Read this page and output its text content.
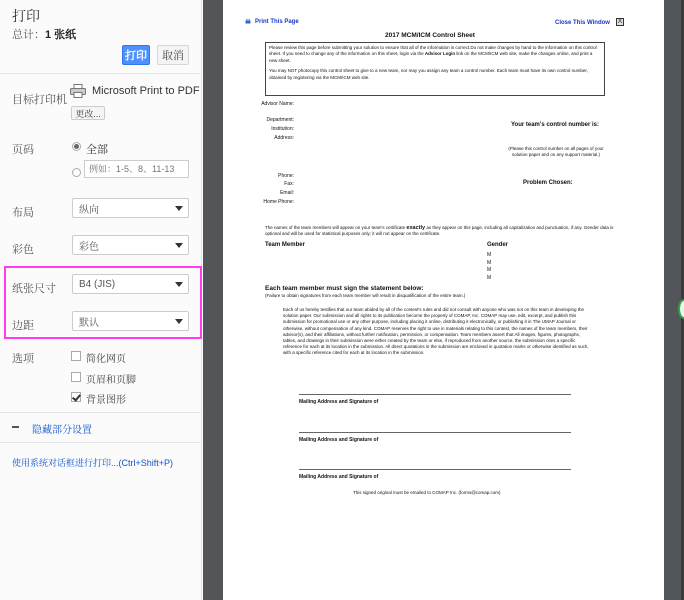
打印
总计：1 张纸
打印	取消
目标打印机
Microsoft Print to PDF
更改...
页码	全部
例如：1-5、8、11-13
布局	纵向
彩色	彩色
纸张尺寸 B4 (JIS)
边距	默认
选项	简化网页
页眉和页脚
背景图形
隐藏部分设置
使用系统对话框进行打印...(Ctrl+Shift+P)
Print This Page	Close This Window X
2017 MCM/ICM Control Sheet

Please review this page before submitting your solution to ensure that all of the information is correct.Do not make changes by hand to the information on this control sheet. If you need to change any of the information on this sheet, login via the Advisor Login link on the MCM/ICM web site, make the changes online, and print a new sheet.

You may NOT photocopy this control sheet to give to a new team, nor may you assign any team a control number. Each team must have its own control number, obtained by registering via the MCM/ICM web site.

Advisor Name:
Department:
Institution:
Address:
Your team's control number is:
(Please this control number on all pages of your solution paper and on any support material.)
Phone:
Fax:
Email:
Home Phone:
Problem Chosen:
The names of the team members will appear on your team's certificate exactly as they appear on this page, including all capitalization and punctuation, if any. Gender data is optional and will be used for statistical purposes only; it will not appear on the certificate.
Team Member	Gender
M
M
M
M
Each team member must sign the statement below:
(Failure to obtain signatures from each team member will result in disqualification of the entire team.)
Each of us hereby testifies that our team abided by all of the contest's rules and did not consult with anyone who was not on this team in developing the solution paper. Our submission and all rights to its publication become the property of COMAP, Inc. COMAP may use, edit, excerpt, and publish this submission for promotional use or any other purpose, including placing it online, distributing it electronically, or publishing it in The UMAP Journal or otherwise, without compensation of any kind. COMAP reserves the right to use in materials relating to this contest, the names of the team members, their advisor(s), and their affiliations, without further notification, permission, or compensation. Team members assert that All images, figures, photographs, tables, and drawings in their submission were either created by the team or else, if reproduced from another source, the submission cites a specific reference for each at its location in the submission. All direct quotations in the submission are enclosed in quotation marks or otherwise identified as such, with a specific reference cited for each at its location in the submission.
Mailing Address and Signature of
Mailing Address and Signature of
Mailing Address and Signature of
This signed original must be emailed to COMAP Inc. (forms@comap.com)
